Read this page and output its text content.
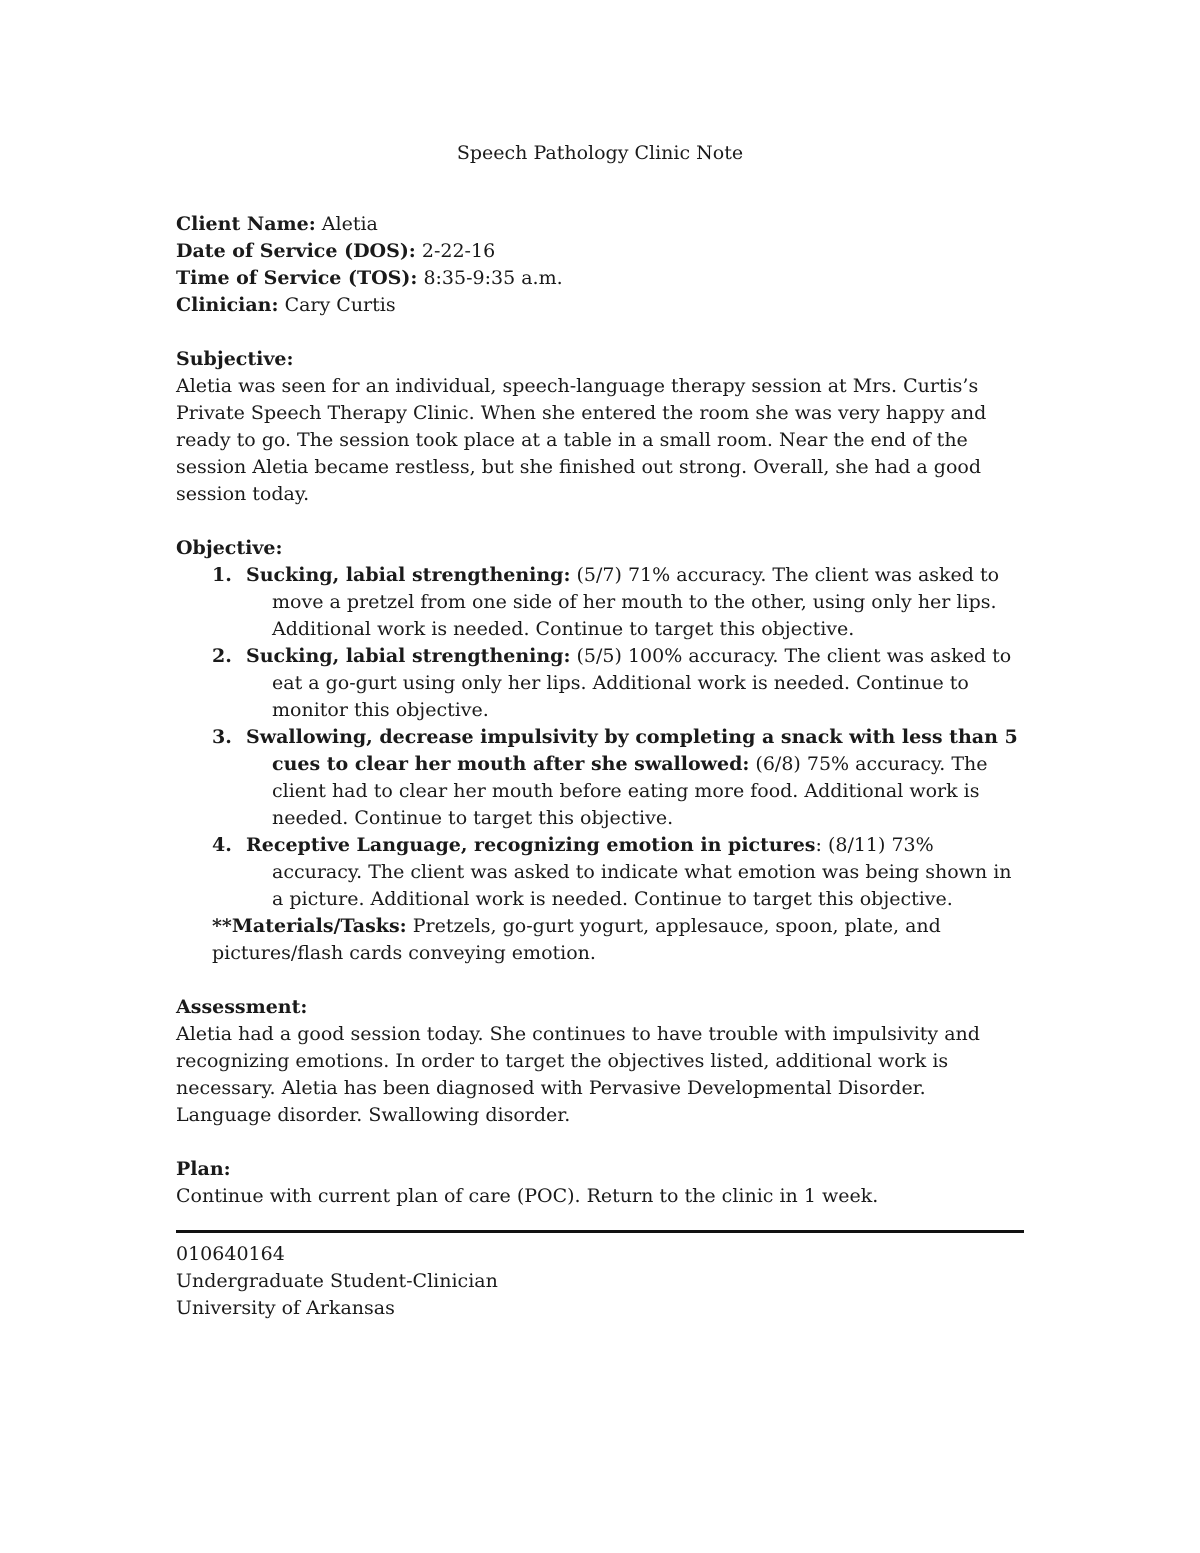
Speech Pathology Clinic Note
Client Name: Aletia
Date of Service (DOS): 2-22-16
Time of Service (TOS): 8:35-9:35 a.m.
Clinician: Cary Curtis
Subjective:

Aletia was seen for an individual, speech-language therapy session at Mrs. Curtis’s Private Speech Therapy Clinic. When she entered the room she was very happy and ready to go. The session took place at a table in a small room. Near the end of the session Aletia became restless, but she finished out strong. Overall, she had a good session today.

Objective:
1. Sucking, labial strengthening: (5/7) 71% accuracy. The client was asked to move a pretzel from one side of her mouth to the other, using only her lips. Additional work is needed. Continue to target this objective.
2. Sucking, labial strengthening: (5/5) 100% accuracy. The client was asked to eat a go-gurt using only her lips. Additional work is needed. Continue to monitor this objective.
3. Swallowing, decrease impulsivity by completing a snack with less than 5 cues to clear her mouth after she swallowed: (6/8) 75% accuracy. The client had to clear her mouth before eating more food. Additional work is needed. Continue to target this objective.
4. Receptive Language, recognizing emotion in pictures: (8/11) 73% accuracy. The client was asked to indicate what emotion was being shown in a picture. Additional work is needed. Continue to target this objective.
**Materials/Tasks: Pretzels, go-gurt yogurt, applesauce, spoon, plate, and pictures/flash cards conveying emotion.
Assessment:

Aletia had a good session today. She continues to have trouble with impulsivity and recognizing emotions. In order to target the objectives listed, additional work is necessary. Aletia has been diagnosed with Pervasive Developmental Disorder. Language disorder. Swallowing disorder.

Plan:

Continue with current plan of care (POC). Return to the clinic in 1 week.

010640164
Undergraduate Student-Clinician
University of Arkansas
